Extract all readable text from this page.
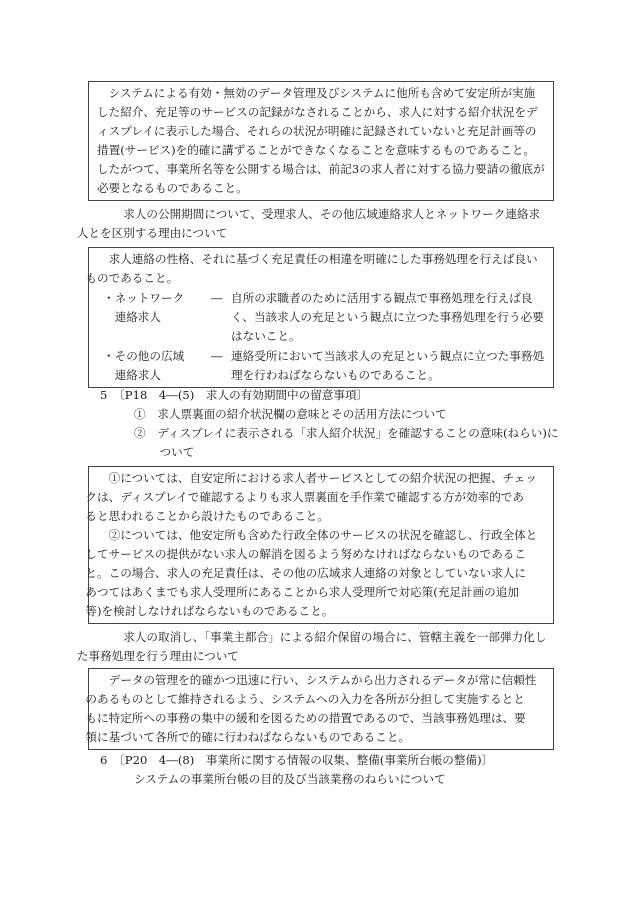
システムによる有効・無効のデータ管理及びシステムに他所も含めて安定所が実施
した紹介、充足等のサービスの記録がなされることから、求人に対する紹介状況をデ
ィスプレイに表示した場合、それらの状況が明確に記録されていないと充足計画等の
措置(サービス)を的確に講ずることができなくなることを意味するものであること。
したがつて、事業所名等を公開する場合は、前記3の求人者に対する協力要請の徹底が
必要となるものであること。

求人の公開期間について、受理求人、その他広域連絡求人とネットワーク連絡求
人とを区別する理由について

求人連絡の性格、それに基づく充足責任の相違を明確にした事務処理を行えば良い
ものであること。

・ネットワーク
連絡求人
― 自所の求職者のために活用する観点で事務処理を行えば良
く、当該求人の充足という観点に立つた事務処理を行う必要
はないこと。
・その他の広域
連絡求人
― 連絡受所において当該求人の充足という観点に立つた事務処
理を行わねばならないものであること。

5　〔P18　4―(5)　求人の有効期間中の留意事項〕

①　求人票裏面の紹介状況欄の意味とその活用方法について

②　ディスプレイに表示される「求人紹介状況」を確認することの意味(ねらい)に
ついて

①については、自安定所における求人者サービスとしての紹介状況の把握、チェッ
クは、ディスプレイで確認するよりも求人票裏面を手作業で確認する方が効率的であ
ると思われることから設けたものであること。

②については、他安定所も含めた行政全体のサービスの状況を確認し、行政全体と
してサービスの提供がない求人の解消を図るよう努めなければならないものであるこ
と。この場合、求人の充足責任は、その他の広域求人連絡の対象としていない求人に
あつてはあくまでも求人受理所にあることから求人受理所で対応策(充足計画の追加
等)を検討しなければならないものであること。

求人の取消し、「事業主都合」による紹介保留の場合に、管轄主義を一部弾力化し
た事務処理を行う理由について

データの管理を的確かつ迅速に行い、システムから出力されるデータが常に信頼性
のあるものとして維持されるよう、システムへの入力を各所が分担して実施するとと
もに特定所への事務の集中の緩和を図るための措置であるので、当該事務処理は、要
領に基づいて各所で的確に行わねばならないものであること。

6　〔P20　4―(8)　事業所に関する情報の収集、整備(事業所台帳の整備)〕

システムの事業所台帳の目的及び当該業務のねらいについて
